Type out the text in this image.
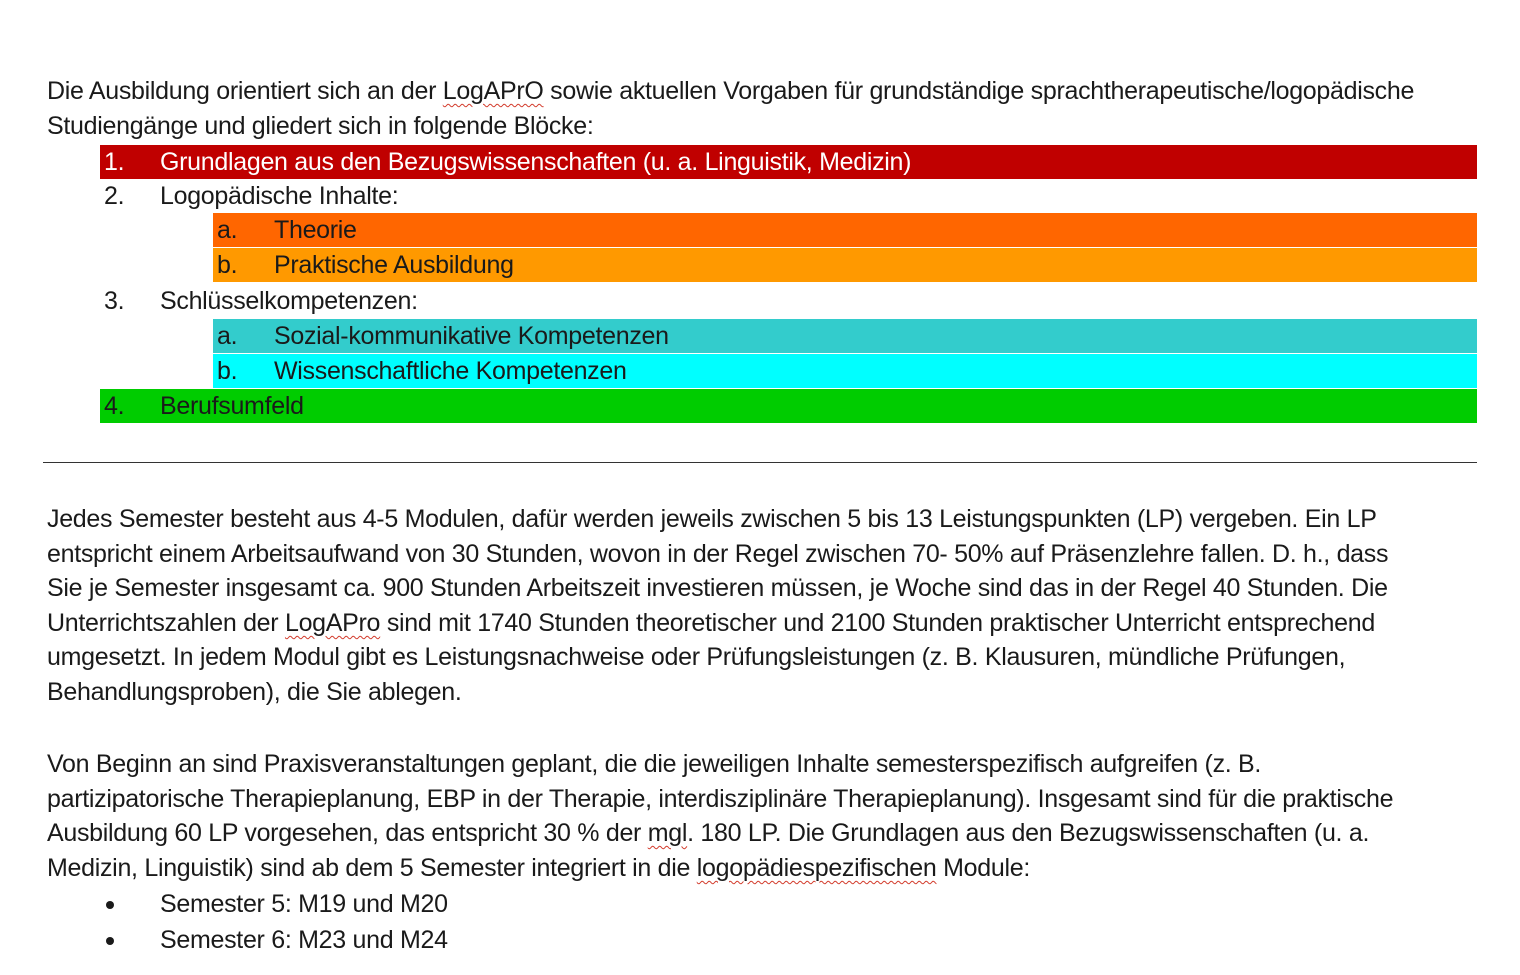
Die Ausbildung orientiert sich an der LogAPrO sowie aktuellen Vorgaben für grundständige sprachtherapeutische/logopädische
Studiengänge und gliedert sich in folgende Blöcke:
1. Grundlagen aus den Bezugswissenschaften (u. a. Linguistik, Medizin)
2. Logopädische Inhalte:
a. Theorie
b. Praktische Ausbildung
3. Schlüsselkompetenzen:
a. Sozial-kommunikative Kompetenzen
b. Wissenschaftliche Kompetenzen
4. Berufsumfeld
Jedes Semester besteht aus 4-5 Modulen, dafür werden jeweils zwischen 5 bis 13 Leistungspunkten (LP) vergeben. Ein LP
entspricht einem Arbeitsaufwand von 30 Stunden, wovon in der Regel zwischen 70- 50% auf Präsenzlehre fallen. D. h., dass
Sie je Semester insgesamt ca. 900 Stunden Arbeitszeit investieren müssen, je Woche sind das in der Regel 40 Stunden. Die
Unterrichtszahlen der LogAPro sind mit 1740 Stunden theoretischer und 2100 Stunden praktischer Unterricht entsprechend
umgesetzt. In jedem Modul gibt es Leistungsnachweise oder Prüfungsleistungen (z. B. Klausuren, mündliche Prüfungen,
Behandlungsproben), die Sie ablegen.
Von Beginn an sind Praxisveranstaltungen geplant, die die jeweiligen Inhalte semesterspezifisch aufgreifen (z. B.
partizipatorische Therapieplanung, EBP in der Therapie, interdisziplinäre Therapieplanung). Insgesamt sind für die praktische
Ausbildung 60 LP vorgesehen, das entspricht 30 % der mgl. 180 LP. Die Grundlagen aus den Bezugswissenschaften (u. a.
Medizin, Linguistik) sind ab dem 5 Semester integriert in die logopädiespezifischen Module:
Semester 5: M19 und M20
Semester 6: M23 und M24
